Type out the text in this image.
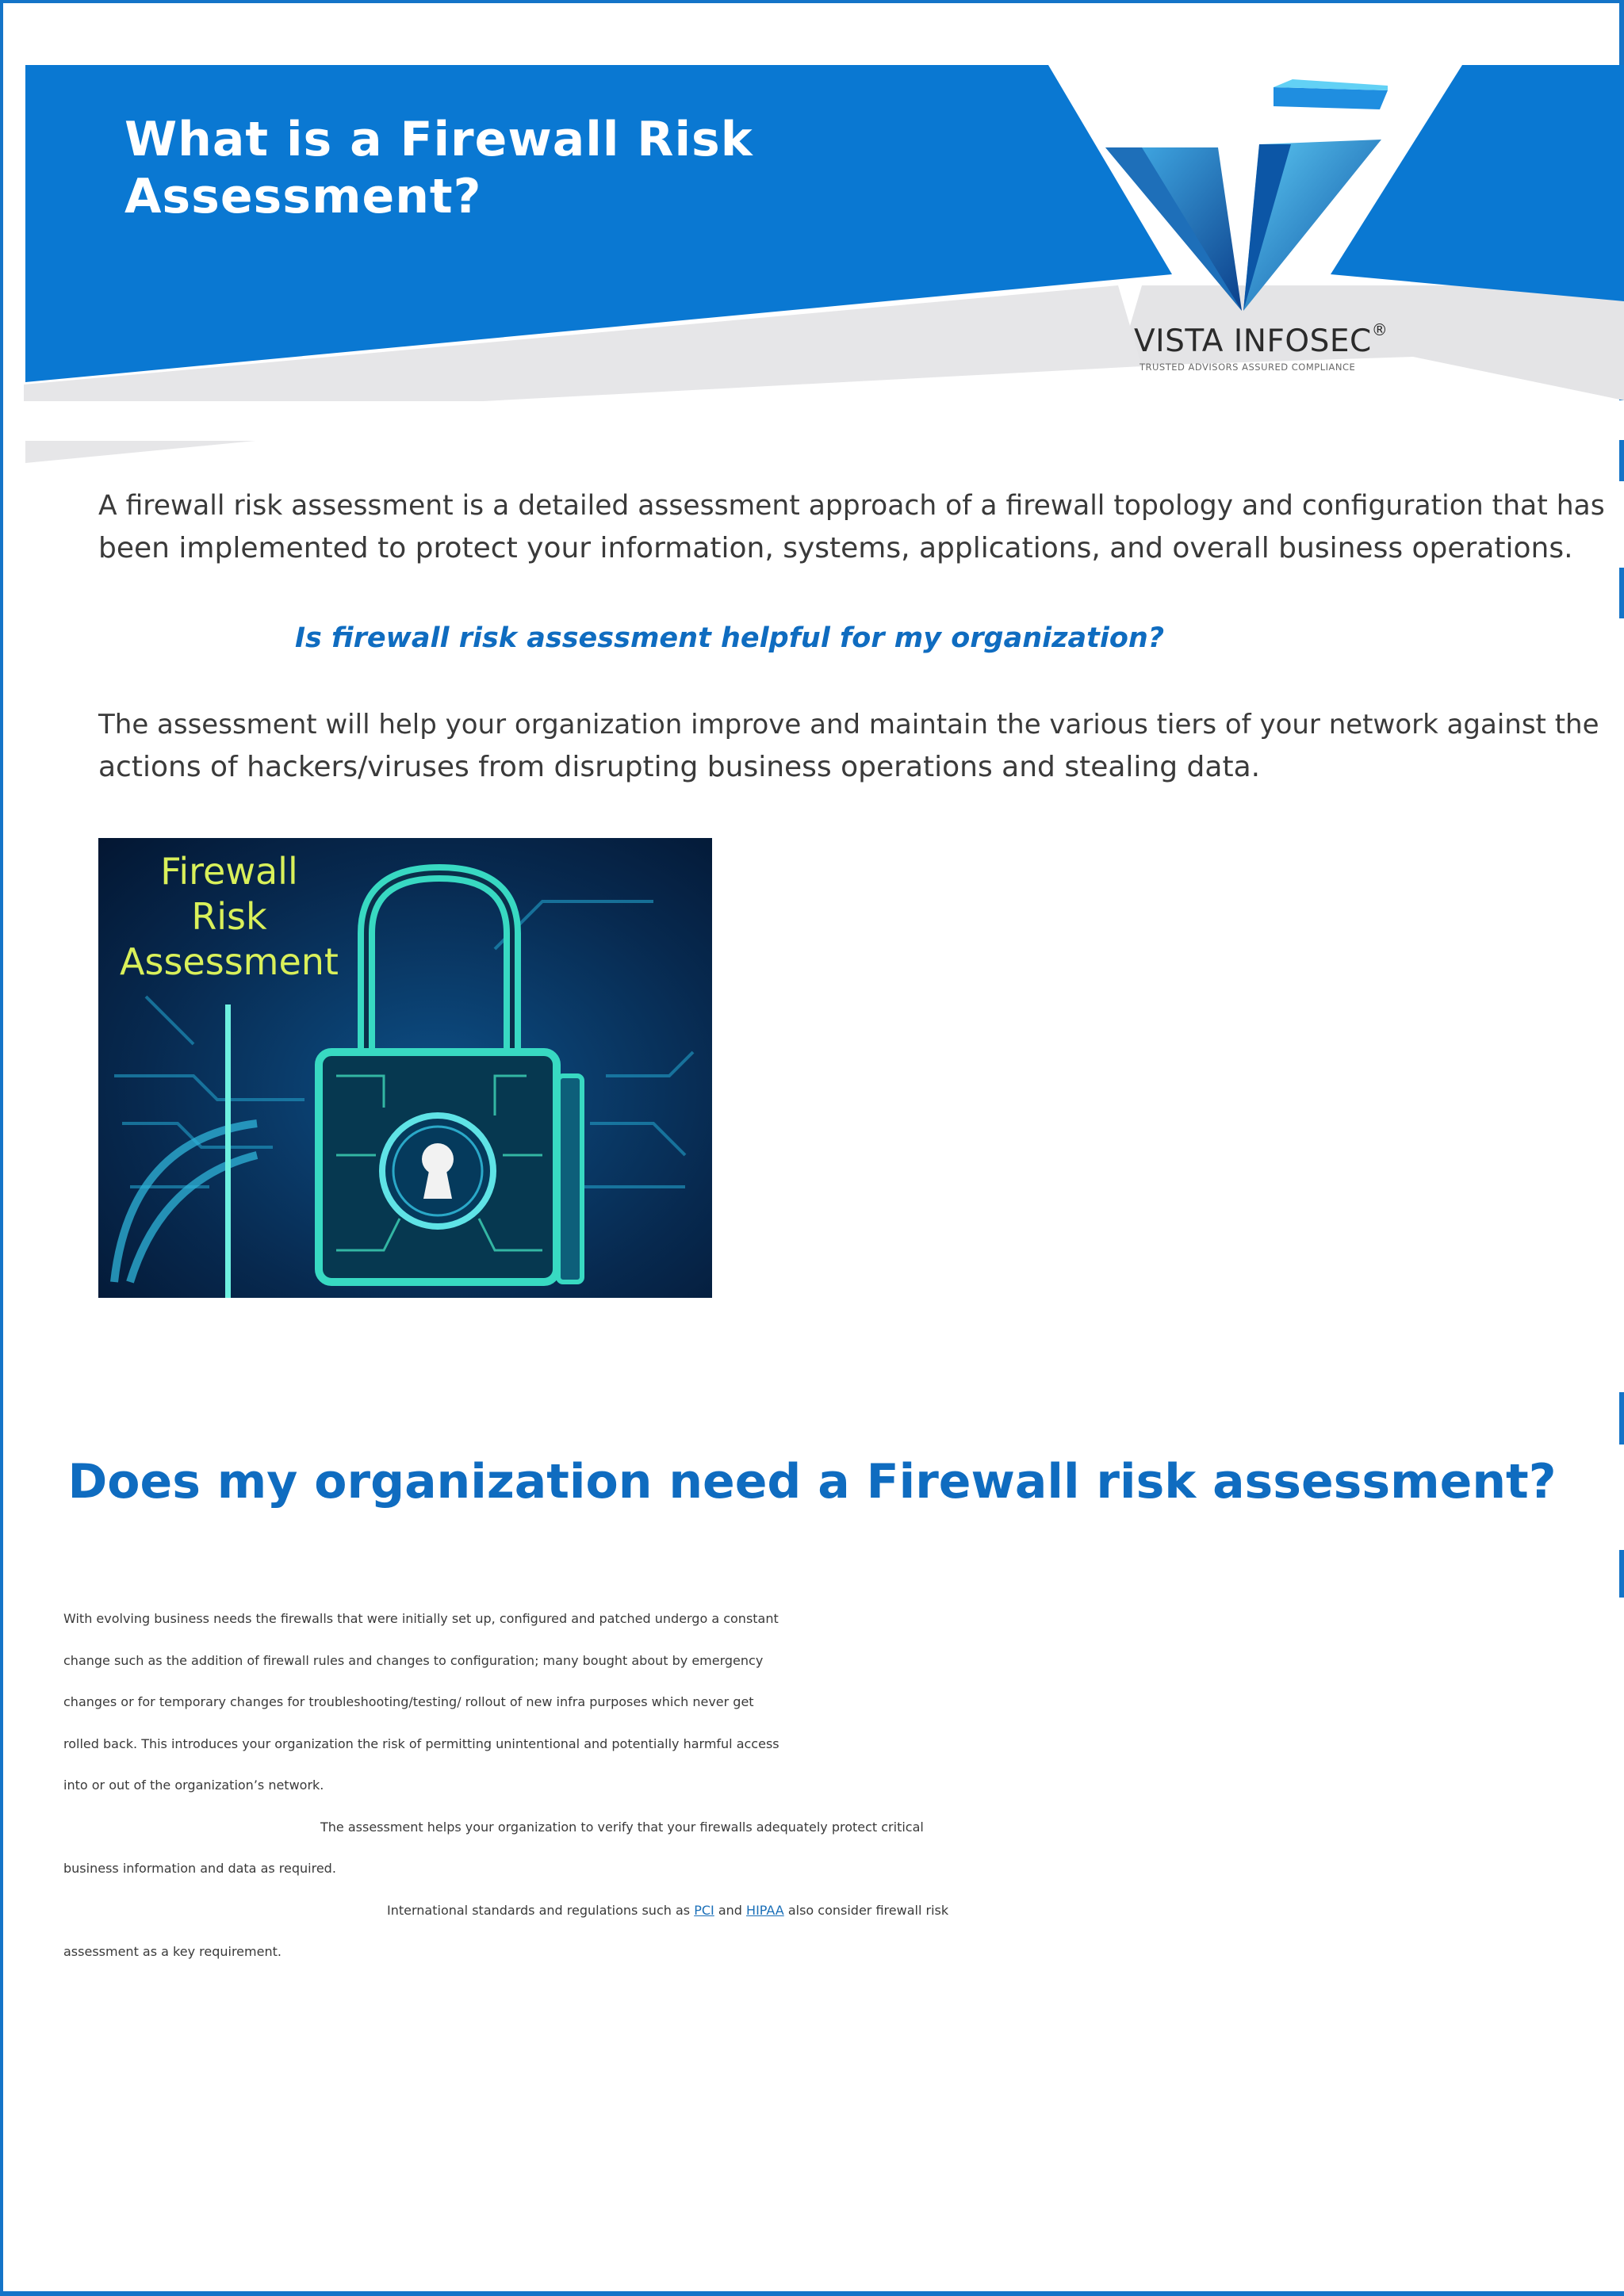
What is a Firewall Risk
Assessment?
VISTA INFOSEC®
TRUSTED ADVISORS ASSURED COMPLIANCE
A firewall risk assessment is a detailed assessment approach of a firewall topology and configuration that has
been implemented to protect your information, systems, applications, and overall business operations.
Is firewall risk assessment helpful for my organization?
The assessment will help your organization improve and maintain the various tiers of your network against the
actions of hackers/viruses from disrupting business operations and stealing data.
Firewall
Risk
Assessment
Does my organization need a Firewall risk assessment?
With evolving business needs the firewalls that were initially set up, configured and patched undergo a constant
change such as the addition of firewall rules and changes to configuration; many bought about by emergency
changes or for temporary changes for troubleshooting/testing/ rollout of new infra purposes which never get
rolled back. This introduces your organization the risk of permitting unintentional and potentially harmful access
into or out of the organization’s network.
The assessment helps your organization to verify that your firewalls adequately protect critical
business information and data as required.
International standards and regulations such as PCI and HIPAA also consider firewall risk
assessment as a key requirement.
